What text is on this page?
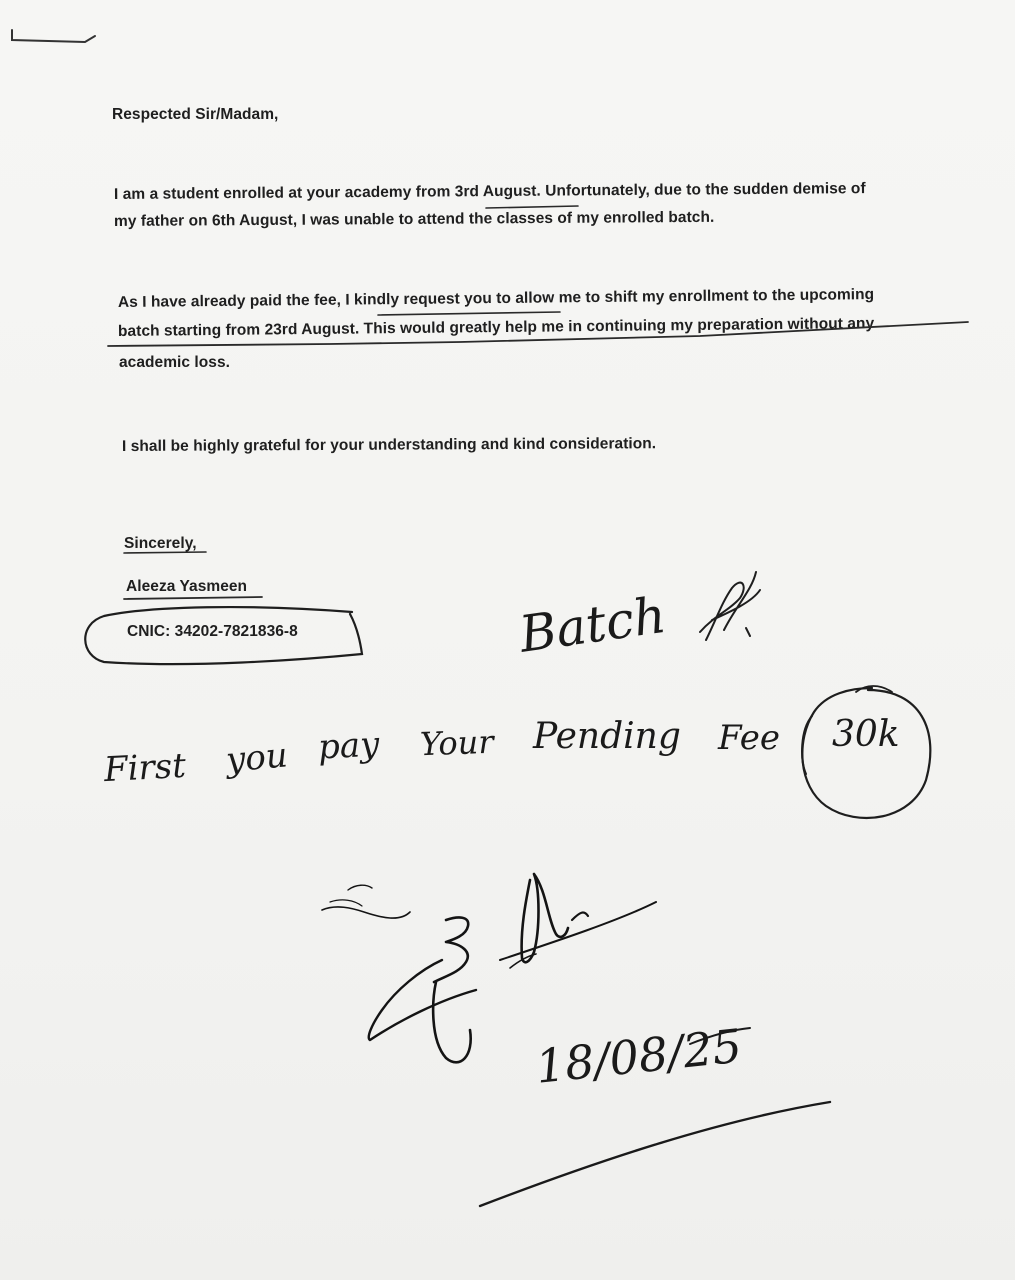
Respected Sir/Madam,
I am a student enrolled at your academy from 3rd August. Unfortunately, due to the sudden demise of
my father on 6th August, I was unable to attend the classes of my enrolled batch.
As I have already paid the fee, I kindly request you to allow me to shift my enrollment to the upcoming
batch starting from 23rd August. This would greatly help me in continuing my preparation without any
academic loss.
I shall be highly grateful for your understanding and kind consideration.
Sincerely,
Aleeza Yasmeen
CNIC: 34202-7821836-8	Batch
First you pay Your Pending Fee 30k
18/08/25
